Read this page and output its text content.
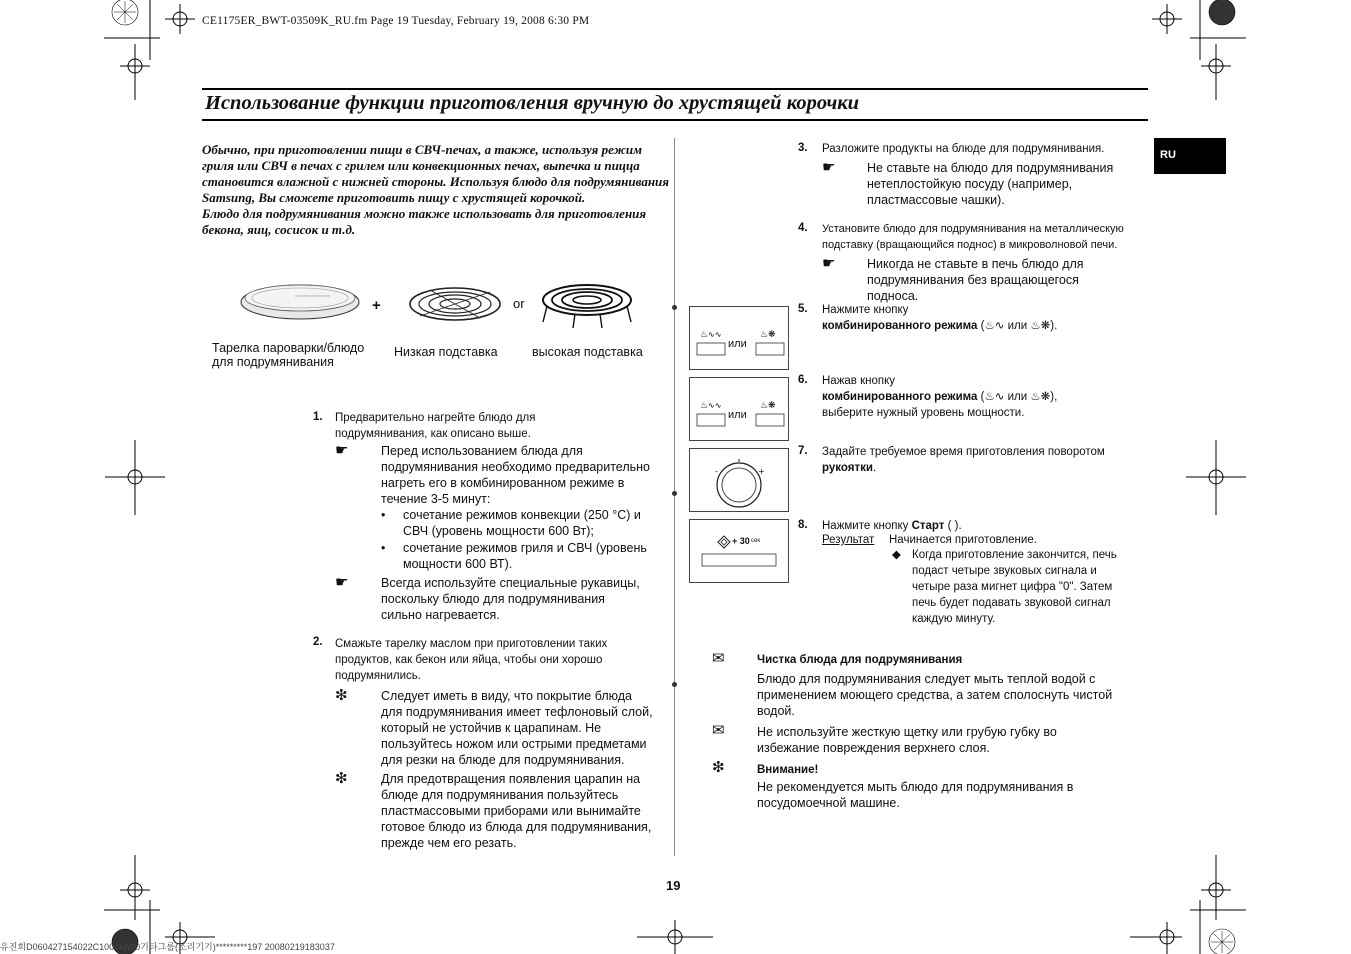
CE1175ER_BWT-03509K_RU.fm Page 19 Tuesday, February 19, 2008 6:30 PM
Использование функции приготовления вручную до хрустящей корочки
RU

Обычно, при приготовлении пищи в СВЧ-печах, а также, используя режим гриля или СВЧ в печах с грилем или конвекционных печах, выпечка и пицца становится влажной с нижней стороны. Используя блюдо для подрумянивания Samsung, Вы сможете приготовить пищу с хрустящей корочкой.

Блюдо для подрумянивания можно также использовать для приготовления бекона, яиц, сосисок и т.д.

+	or
Тарелка пароварки/блюдо
для подрумянивания
Низкая подставка	высокая подставка
1. Предварительно нагрейте блюдо для
подрумянивания, как описано выше.
☛	Перед использованием блюда для
подрумянивания необходимо предварительно
нагреть его в комбинированном режиме в
течение 3-5 минут:
• сочетание режимов конвекции (250 °C) и
СВЧ (уровень мощности 600 Вт);
• сочетание режимов гриля и СВЧ (уровень
мощности 600 ВТ).
☛	Всегда используйте специальные рукавицы,
поскольку блюдо для подрумянивания
сильно нагревается.
2. Смажьте тарелку маслом при приготовлении таких
продуктов, как бекон или яйца, чтобы они хорошо
подрумянились.
❇	Следует иметь в виду, что покрытие блюда
для подрумянивания имеет тефлоновый слой,
который не устойчив к царапинам. Не
пользуйтесь ножом или острыми предметами
для резки на блюде для подрумянивания.
❇	Для предотвращения появления царапин на
блюде для подрумянивания пользуйтесь
пластмассовыми приборами или вынимайте
готовое блюдо из блюда для подрумянивания,
прежде чем его резать.
3. Разложите продукты на блюде для подрумянивания.
☛	Не ставьте на блюдо для подрумянивания
нетеплостойкую посуду (например,
пластмассовые чашки).
4. Установите блюдо для подрумянивания на металлическую
подставку (вращающийся поднос) в микроволновой печи.
☛	Никогда не ставьте в печь блюдо для
подрумянивания без вращающегося
подноса.
♨ ∿∿	♨ ❋
или
♨ ∿∿	♨ ❋
или
-	+
+ 30 сек
5. Нажмите кнопку
комбинированного режима (♨∿ или ♨❋).
6. Нажав кнопку
комбинированного режима (♨∿ или ♨❋),
выберите нужный уровень мощности.
7. Задайте требуемое время приготовления поворотом
рукоятки.
8. Нажмите кнопку Старт ( ).
Результат Начинается приготовление.
◆ Когда приготовление закончится, печь
подаст четыре звуковых сигнала и
четыре раза мигнет цифра "0". Затем
печь будет подавать звуковой сигнал
каждую минуту.
✉	Чистка блюда для подрумянивания
Блюдо для подрумянивания следует мыть теплой водой с
применением моющего средства, а затем сполоснуть чистой
водой.
✉	Не используйте жесткую щетку или грубую губку во
избежание повреждения верхнего слоя.
❇	Внимание!
Не рекомендуется мыть блюдо для подрумянивания в
посудомоечной машине.
19
유진희D060427154022C1000MW0기타그룹(조리기기)*********197 20080219183037
